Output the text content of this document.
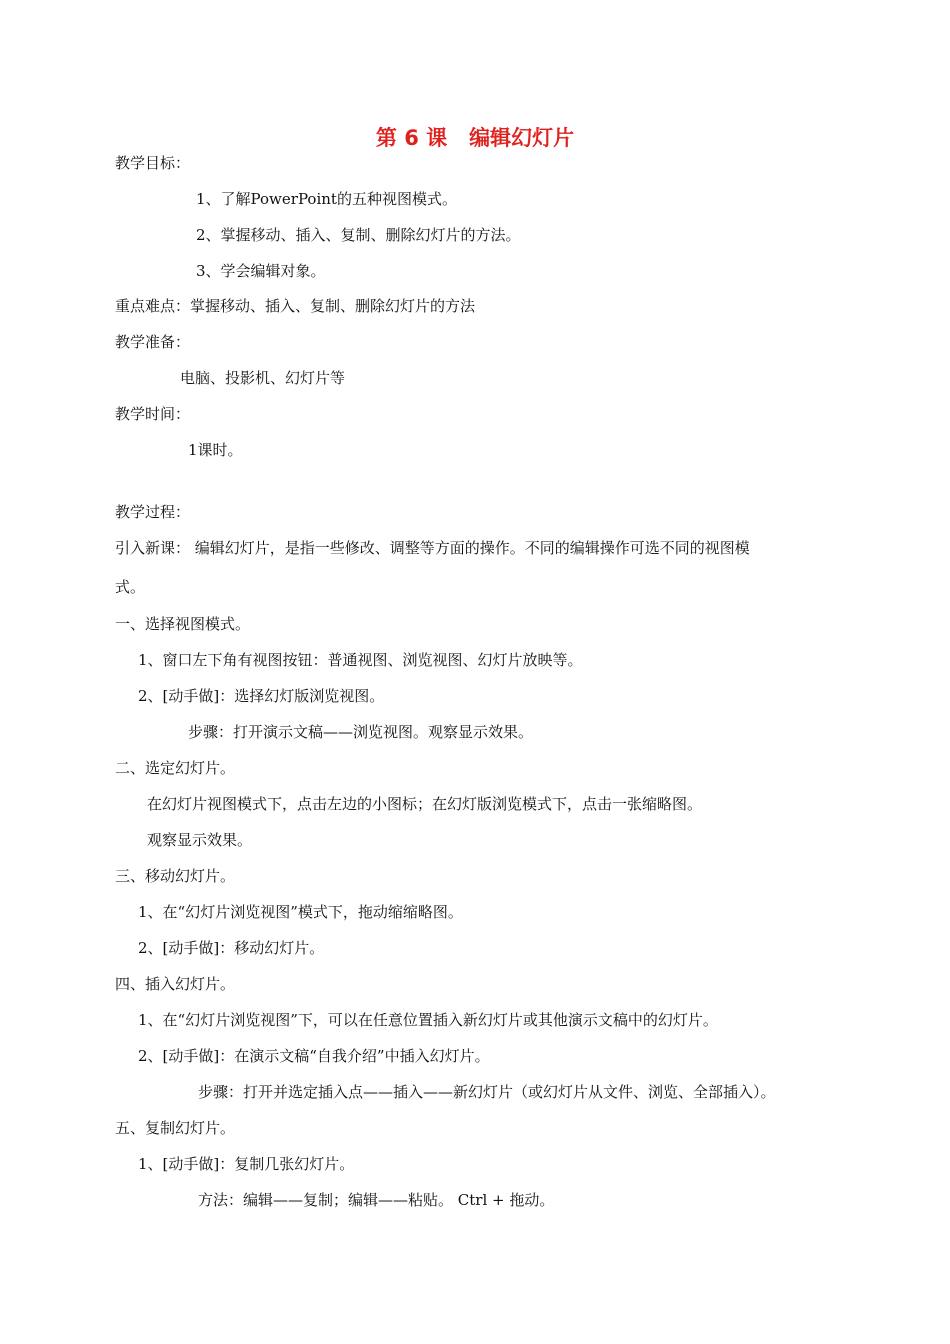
第 6 课   编辑幻灯片
教学目标：
1、了解PowerPoint的五种视图模式。
2、掌握移动、插入、复制、删除幻灯片的方法。
3、学会编辑对象。
重点难点：掌握移动、插入、复制、删除幻灯片的方法
教学准备：
电脑、投影机、幻灯片等
教学时间：
1课时。
教学过程：
引入新课： 编辑幻灯片，是指一些修改、调整等方面的操作。不同的编辑操作可选不同的视图模
式。
一、选择视图模式。
1、窗口左下角有视图按钮：普通视图、浏览视图、幻灯片放映等。
2、[动手做]：选择幻灯版浏览视图。
步骤：打开演示文稿——浏览视图。观察显示效果。
二、选定幻灯片。
在幻灯片视图模式下，点击左边的小图标；在幻灯版浏览模式下，点击一张缩略图。
观察显示效果。
三、移动幻灯片。
1、在“幻灯片浏览视图”模式下，拖动缩缩略图。
2、[动手做]：移动幻灯片。
四、插入幻灯片。
1、在“幻灯片浏览视图”下，可以在任意位置插入新幻灯片或其他演示文稿中的幻灯片。
2、[动手做]：在演示文稿“自我介绍”中插入幻灯片。
步骤：打开并选定插入点——插入——新幻灯片（或幻灯片从文件、浏览、全部插入）。
五、复制幻灯片。
1、[动手做]：复制几张幻灯片。
方法：编辑——复制；编辑——粘贴。 Ctrl + 拖动。
